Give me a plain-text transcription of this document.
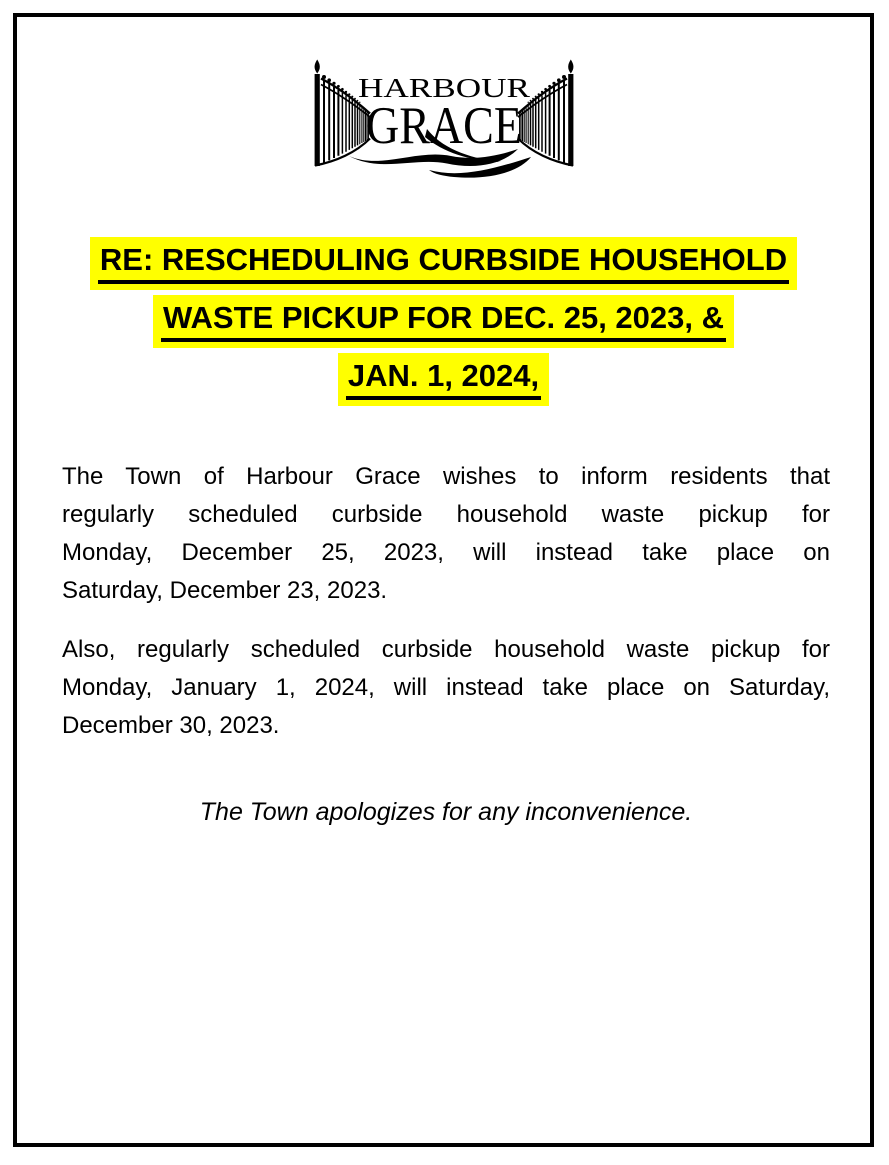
HARBOUR
GRACE
RE: RESCHEDULING CURBSIDE HOUSEHOLD
WASTE PICKUP FOR DEC. 25, 2023, &
JAN. 1, 2024,
The Town of Harbour Grace wishes to inform residents that
regularly scheduled curbside household waste pickup for
Monday, December 25, 2023, will instead take place on
Saturday, December 23, 2023.
Also, regularly scheduled curbside household waste pickup for
Monday, January 1, 2024, will instead take place on Saturday,
December 30, 2023.
The Town apologizes for any inconvenience.
